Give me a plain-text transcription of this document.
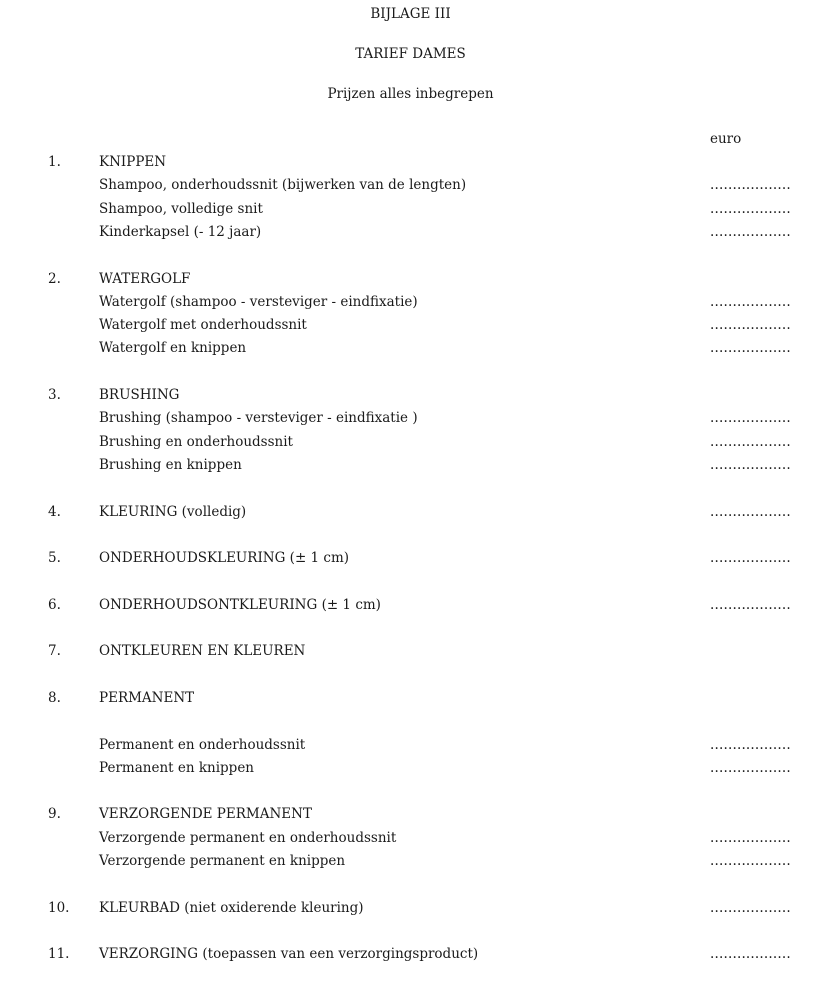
BIJLAGE III
TARIEF DAMES
Prijzen alles inbegrepen
euro
1.	KNIPPEN
Shampoo, onderhoudssnit (bijwerken van de lengten)	..................
Shampoo, volledige snit	..................
Kinderkapsel (- 12 jaar)	..................
2.	WATERGOLF
Watergolf (shampoo - versteviger - eindfixatie)	..................
Watergolf met onderhoudssnit	..................
Watergolf en knippen	..................
3.	BRUSHING
Brushing (shampoo - versteviger - eindfixatie )	..................
Brushing en onderhoudssnit	..................
Brushing en knippen	..................
4.	KLEURING (volledig)	..................
5.	ONDERHOUDSKLEURING (± 1 cm)	..................
6.	ONDERHOUDSONTKLEURING (± 1 cm)	..................
7.	ONTKLEUREN EN KLEUREN
8.	PERMANENT
Permanent en onderhoudssnit	..................
Permanent en knippen	..................
9.	VERZORGENDE PERMANENT
Verzorgende permanent en onderhoudssnit	..................
Verzorgende permanent en knippen	..................
10. KLEURBAD (niet oxiderende kleuring)	..................
11. VERZORGING (toepassen van een verzorgingsproduct)	..................
